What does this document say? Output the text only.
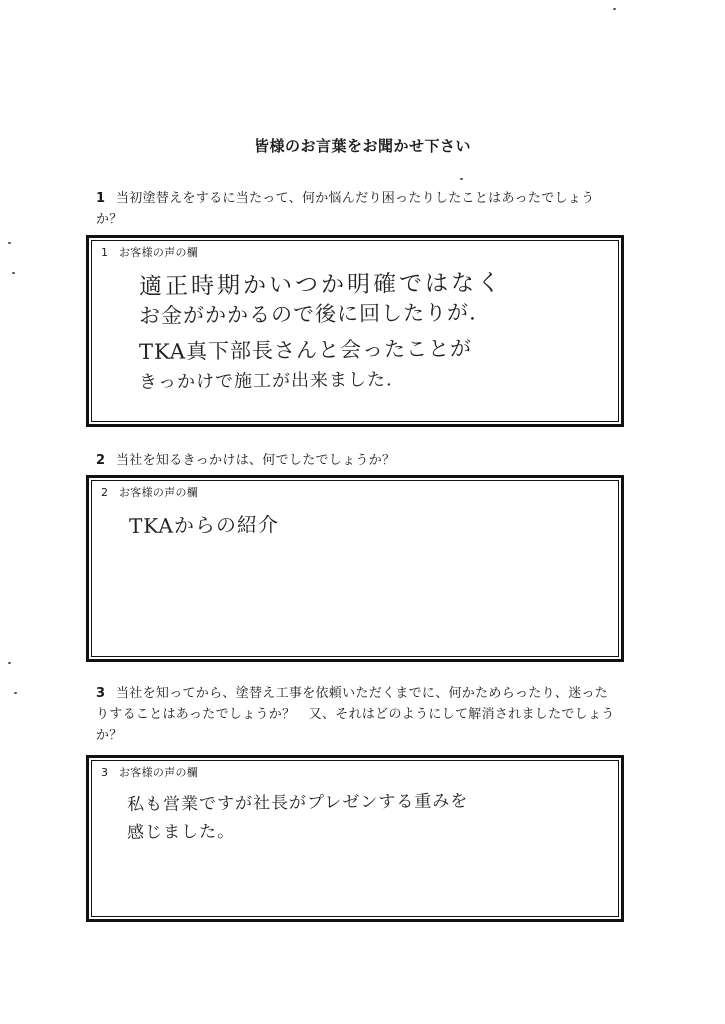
皆様のお言葉をお聞かせ下さい
1 当初塗替えをするに当たって、何か悩んだり困ったりしたことはあったでしょう
か？
1 お客様の声の欄
適正時期かいつか明確ではなく
お金がかかるので後に回したりが.
TKA真下部長さんと会ったことが
きっかけで施工が出来ました.
2 当社を知るきっかけは、何でしたでしょうか？
2 お客様の声の欄
TKAからの紹介
3 当社を知ってから、塗替え工事を依頼いただくまでに、何かためらったり、迷った
りすることはあったでしょうか？　又、それはどのようにして解消されましたでしょう
か？
3 お客様の声の欄
私も営業ですが社長がプレゼンする重みを
感じました。
